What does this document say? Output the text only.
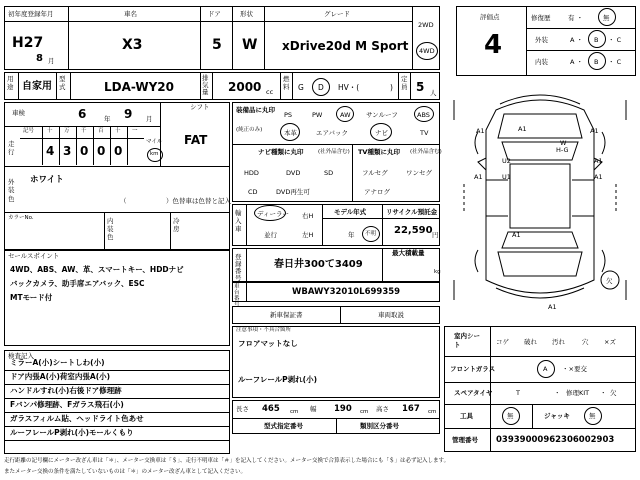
初年度登録年月
H27
8 月
車名
X3
ドア
5
形状
W
グレード
xDrive20d M Sport
2WD
4WD
用途 自家用
型式	LDA-WY20
排気量 2000 cc
燃料 G D HV・(	)
定員 5 人
評価点
4
修復歴	有 ・	無
外装	A ・ B ・ C
内装	A ・ B ・ C
車検	6	年 9 月
シフト
FAT
走行
記号 十
4
万
3
千
0
百
0
十
0
一
マイル
km
外装色
ホワイト
（	）色替車は色替と記入
カラーNo.	内装色
冷房
セールスポイント
4WD、ABS、AW、革、スマートキー、HDDナビ
バックカメラ、助手席エアバック、ESC
MTモード付
検査記入
ミラーA(小)シートしわ(小)
ドア内張A(小)荷室内張A(小)
ハンドルすれ(小)右後ドア修理跡
Fバンパ修理跡、Fガラス飛石(小)
ガラスフィルム貼、ヘッドライト色あせ
ルーフレールP剥れ(小)モールくもり
装備品に丸印
(純正のみ)
PS	PW	AW サンルーフ	ABS
本革	エアバック	ナビ	TV
ナビ種類に丸印	(社外品含む)
HDD	DVD	SD
CD	DVD再生可
TV種類に丸印 (社外品含む)
フルセグ	ワンセグ
アナログ
輸入車
ディーラー
並行
右H
左H
モデル年式
年 不明
リサイクル預託金
22,590 円
登録番号
春日井300て3409
最大積載量
kg
車台番
WBAWY32010L699359
新車保証書	車両取説
注意事項・不具合箇所
フロアマットなし
ルーフレールP剥れ(小)
長さ 465 cm 幅 190 cm 高さ 167 cm
型式指定番号	類別区分番号
A1	A1
A1
W
H-G
U2
U1
A1
A1
A1
A1
欠
A1
室内シート	コゲ 破れ 汚れ	穴 ×ズ
フロントガラス	A ・×要交
スペアタイヤ	T	・ 修理KIT ・ 欠
工具	無	ジャッキ	無
管理番号 03939000962306002903
走行距離の記号欄にメーター改ざん車は「＊」、メーター交換車は「＄」、走行不明車は「＃」を記入してください。メーター交換で合算表示した場合にも「＄」は必ず記入します。
またメーター交換の条件を満たしていないものは「＊」のメーター改ざん車として記入ください。
